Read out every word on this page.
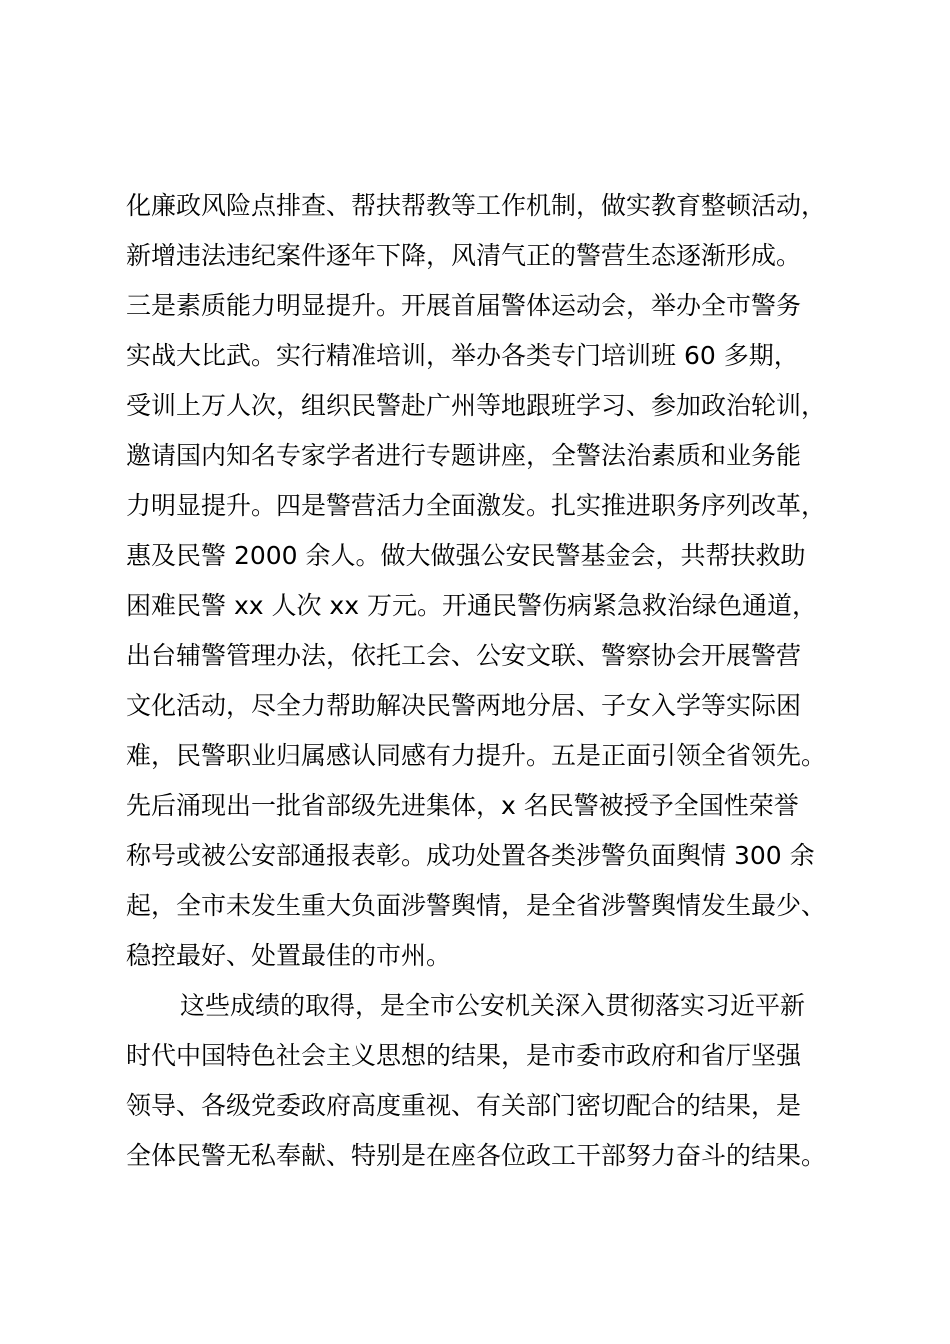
化廉政风险点排查、帮扶帮教等工作机制，做实教育整顿活动，
新增违法违纪案件逐年下降，风清气正的警营生态逐渐形成。
三是素质能力明显提升。开展首届警体运动会，举办全市警务
实战大比武。实行精准培训，举办各类专门培训班 60 多期，
受训上万人次，组织民警赴广州等地跟班学习、参加政治轮训，
邀请国内知名专家学者进行专题讲座，全警法治素质和业务能
力明显提升。四是警营活力全面激发。扎实推进职务序列改革，
惠及民警 2000 余人。做大做强公安民警基金会，共帮扶救助
困难民警 xx 人次 xx 万元。开通民警伤病紧急救治绿色通道，
出台辅警管理办法，依托工会、公安文联、警察协会开展警营
文化活动，尽全力帮助解决民警两地分居、子女入学等实际困
难，民警职业归属感认同感有力提升。五是正面引领全省领先。
先后涌现出一批省部级先进集体，x 名民警被授予全国性荣誉
称号或被公安部通报表彰。成功处置各类涉警负面舆情 300 余
起，全市未发生重大负面涉警舆情，是全省涉警舆情发生最少、
稳控最好、处置最佳的市州。
这些成绩的取得，是全市公安机关深入贯彻落实习近平新
时代中国特色社会主义思想的结果，是市委市政府和省厅坚强
领导、各级党委政府高度重视、有关部门密切配合的结果，是
全体民警无私奉献、特别是在座各位政工干部努力奋斗的结果。
